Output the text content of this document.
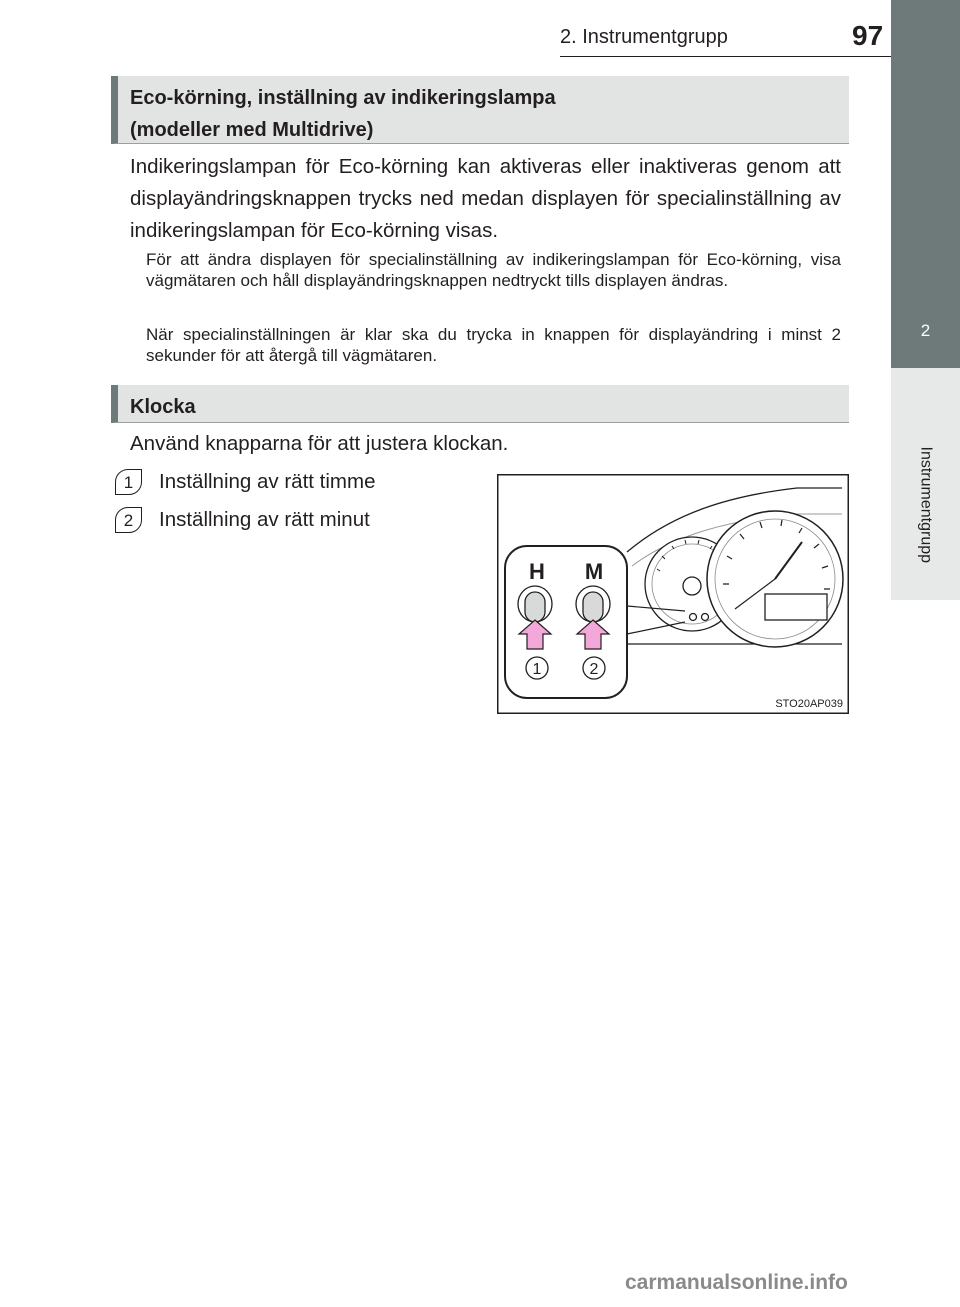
2. Instrumentgrupp	97
2
Instrumentgrupp
Eco-körning, inställning av indikeringslampa
(modeller med Multidrive)
Indikeringslampan för Eco-körning kan aktiveras eller inaktiveras genom att displayändringsknappen trycks ned medan displayen för specialinställning av indikeringslampan för Eco-körning visas.
För att ändra displayen för specialinställning av indikeringslampan för Eco-körning, visa vägmätaren och håll displayändringsknappen nedtryckt tills displayen ändras.
När specialinställningen är klar ska du trycka in knappen för displayändring i minst 2 sekunder för att återgå till vägmätaren.
Klocka
Använd knapparna för att justera klockan.
1	Inställning av rätt timme
2	Inställning av rätt minut
H M
1	2
STO20AP039
carmanualsonline.info
